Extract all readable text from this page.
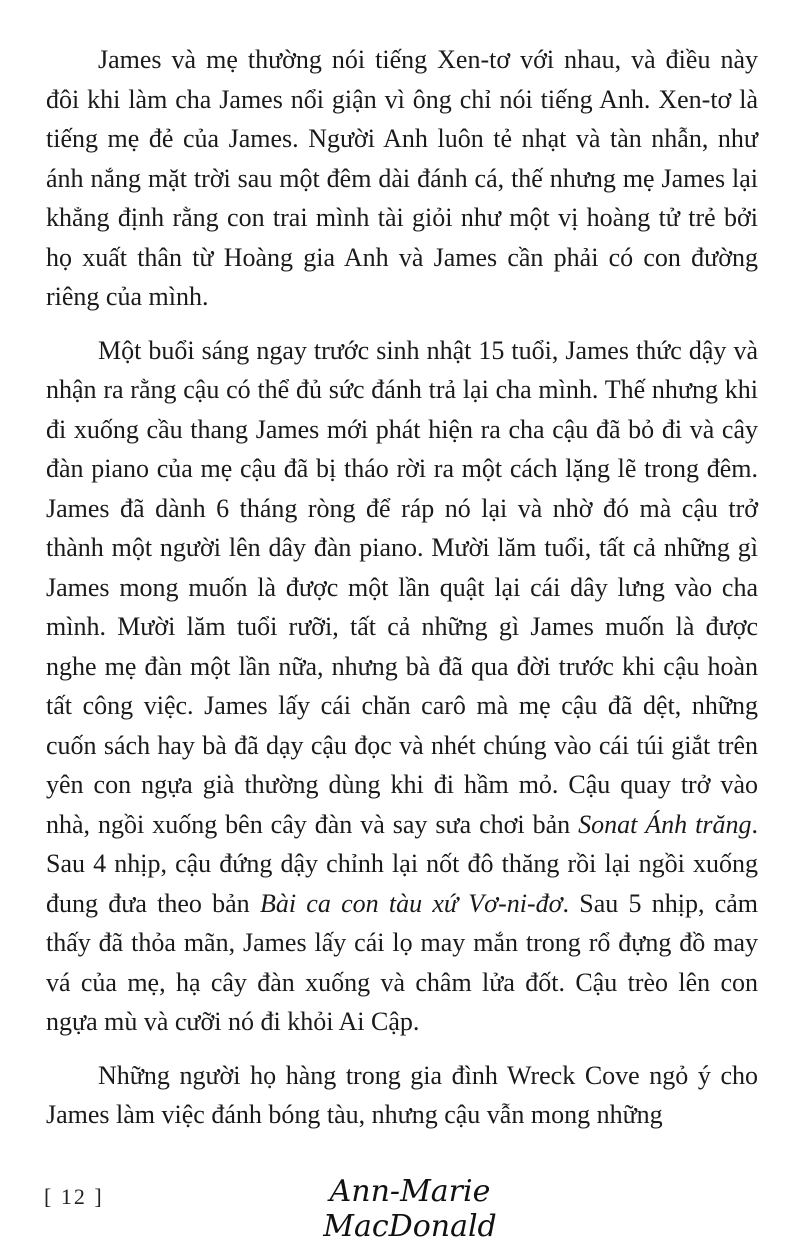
James và mẹ thường nói tiếng Xen-tơ với nhau, và điều này đôi khi làm cha James nổi giận vì ông chỉ nói tiếng Anh. Xen-tơ là tiếng mẹ đẻ của James. Người Anh luôn tẻ nhạt và tàn nhẫn, như ánh nắng mặt trời sau một đêm dài đánh cá, thế nhưng mẹ James lại khẳng định rằng con trai mình tài giỏi như một vị hoàng tử trẻ bởi họ xuất thân từ Hoàng gia Anh và James cần phải có con đường riêng của mình.

Một buổi sáng ngay trước sinh nhật 15 tuổi, James thức dậy và nhận ra rằng cậu có thể đủ sức đánh trả lại cha mình. Thế nhưng khi đi xuống cầu thang James mới phát hiện ra cha cậu đã bỏ đi và cây đàn piano của mẹ cậu đã bị tháo rời ra một cách lặng lẽ trong đêm. James đã dành 6 tháng ròng để ráp nó lại và nhờ đó mà cậu trở thành một người lên dây đàn piano. Mười lăm tuổi, tất cả những gì James mong muốn là được một lần quật lại cái dây lưng vào cha mình. Mười lăm tuổi rưỡi, tất cả những gì James muốn là được nghe mẹ đàn một lần nữa, nhưng bà đã qua đời trước khi cậu hoàn tất công việc. James lấy cái chăn carô mà mẹ cậu đã dệt, những cuốn sách hay bà đã dạy cậu đọc và nhét chúng vào cái túi giắt trên yên con ngựa già thường dùng khi đi hầm mỏ. Cậu quay trở vào nhà, ngồi xuống bên cây đàn và say sưa chơi bản Sonat Ánh trăng. Sau 4 nhịp, cậu đứng dậy chỉnh lại nốt đô thăng rồi lại ngồi xuống đung đưa theo bản Bài ca con tàu xứ Vơ-ni-đơ. Sau 5 nhịp, cảm thấy đã thỏa mãn, James lấy cái lọ may mắn trong rổ đựng đồ may vá của mẹ, hạ cây đàn xuống và châm lửa đốt. Cậu trèo lên con ngựa mù và cưỡi nó đi khỏi Ai Cập.

Những người họ hàng trong gia đình Wreck Cove ngỏ ý cho James làm việc đánh bóng tàu, nhưng cậu vẫn mong những

[ 12 ]	Ann-Marie MacDonald
